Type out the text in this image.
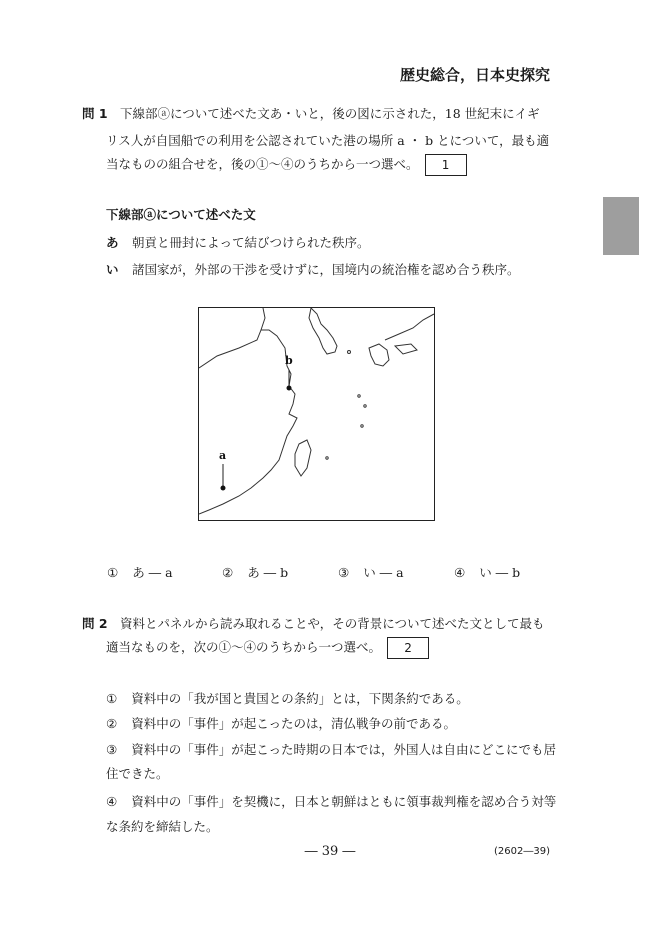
歴史総合，日本史探究
問 1 下線部ⓐについて述べた文あ・いと，後の図に示された，18 世紀末にイギ
リス人が自国船での利用を公認されていた港の場所 a ・ b とについて，最も適
当なものの組合せを，後の①～④のうちから一つ選べ。 1
下線部ⓐについて述べた文
あ 朝貢と冊封によって結びつけられた秩序。
い 諸国家が，外部の干渉を受けずに，国境内の統治権を認め合う秩序。
b
a
① あ ― a	② あ ― b	③ い ― a	④ い ― b
問 2 資料とパネルから読み取れることや，その背景について述べた文として最も
適当なものを，次の①～④のうちから一つ選べ。 2
① 資料中の「我が国と貴国との条約」とは，下関条約である。
② 資料中の「事件」が起こったのは，清仏戦争の前である。
③ 資料中の「事件」が起こった時期の日本では，外国人は自由にどこにでも居
住できた。
④ 資料中の「事件」を契機に，日本と朝鮮はともに領事裁判権を認め合う対等
な条約を締結した。
― 39 ―	(2602―39)
